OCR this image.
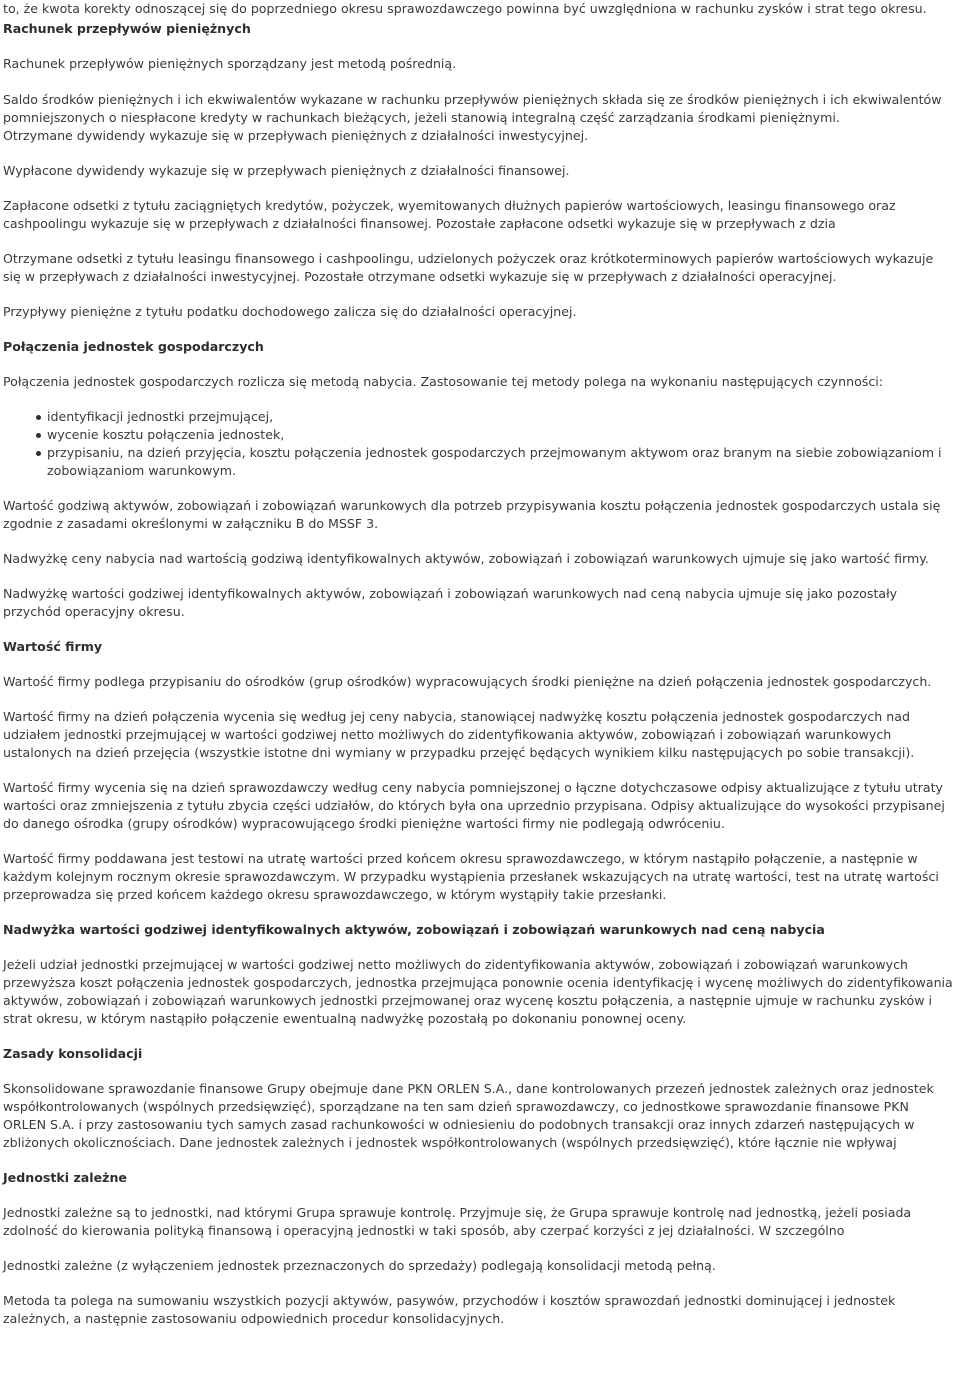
to, że kwota korekty odnoszącej się do poprzedniego okresu sprawozdawczego powinna być uwzględniona w rachunku zysków i strat tego okresu.

Rachunek przepływów pieniężnych

Rachunek przepływów pieniężnych sporządzany jest metodą pośrednią.

Saldo środków pieniężnych i ich ekwiwalentów wykazane w rachunku przepływów pieniężnych składa się ze środków pieniężnych i ich ekwiwalentów pomniejszonych o niespłacone kredyty w rachunkach bieżących, jeżeli stanowią integralną część zarządzania środkami pieniężnymi.

Otrzymane dywidendy wykazuje się w przepływach pieniężnych z działalności inwestycyjnej.

Wypłacone dywidendy wykazuje się w przepływach pieniężnych z działalności finansowej.

Zapłacone odsetki z tytułu zaciągniętych kredytów, pożyczek, wyemitowanych dłużnych papierów wartościowych, leasingu finansowego oraz cashpoolingu wykazuje się w przepływach z działalności finansowej. Pozostałe zapłacone odsetki wykazuje się w przepływach z dzia

Otrzymane odsetki z tytułu leasingu finansowego i cashpoolingu, udzielonych pożyczek oraz krótkoterminowych papierów wartościowych wykazuje się w przepływach z działalności inwestycyjnej. Pozostałe otrzymane odsetki wykazuje się w przepływach z działalności operacyjnej.

Przypływy pieniężne z tytułu podatku dochodowego zalicza się do działalności operacyjnej.

Połączenia jednostek gospodarczych

Połączenia jednostek gospodarczych rozlicza się metodą nabycia. Zastosowanie tej metody polega na wykonaniu następujących czynności:

identyfikacji jednostki przejmującej,
wycenie kosztu połączenia jednostek,
przypisaniu, na dzień przyjęcia, kosztu połączenia jednostek gospodarczych przejmowanym aktywom oraz branym na siebie zobowiązaniom i zobowiązaniom warunkowym.

Wartość godziwą aktywów, zobowiązań i zobowiązań warunkowych dla potrzeb przypisywania kosztu połączenia jednostek gospodarczych ustala się zgodnie z zasadami określonymi w załączniku B do MSSF 3.

Nadwyżkę ceny nabycia nad wartością godziwą identyfikowalnych aktywów, zobowiązań i zobowiązań warunkowych ujmuje się jako wartość firmy.

Nadwyżkę wartości godziwej identyfikowalnych aktywów, zobowiązań i zobowiązań warunkowych nad ceną nabycia ujmuje się jako pozostały przychód operacyjny okresu.

Wartość firmy

Wartość firmy podlega przypisaniu do ośrodków (grup ośrodków) wypracowujących środki pieniężne na dzień połączenia jednostek gospodarczych.

Wartość firmy na dzień połączenia wycenia się według jej ceny nabycia, stanowiącej nadwyżkę kosztu połączenia jednostek gospodarczych nad udziałem jednostki przejmującej w wartości godziwej netto możliwych do zidentyfikowania aktywów, zobowiązań i zobowiązań warunkowych ustalonych na dzień przejęcia (wszystkie istotne dni wymiany w przypadku przejęć będących wynikiem kilku następujących po sobie transakcji).

Wartość firmy wycenia się na dzień sprawozdawczy według ceny nabycia pomniejszonej o łączne dotychczasowe odpisy aktualizujące z tytułu utraty wartości oraz zmniejszenia z tytułu zbycia części udziałów, do których była ona uprzednio przypisana. Odpisy aktualizujące do wysokości przypisanej do danego ośrodka (grupy ośrodków) wypracowującego środki pieniężne wartości firmy nie podlegają odwróceniu.

Wartość firmy poddawana jest testowi na utratę wartości przed końcem okresu sprawozdawczego, w którym nastąpiło połączenie, a następnie w każdym kolejnym rocznym okresie sprawozdawczym. W przypadku wystąpienia przesłanek wskazujących na utratę wartości, test na utratę wartości przeprowadza się przed końcem każdego okresu sprawozdawczego, w którym wystąpiły takie przesłanki.

Nadwyżka wartości godziwej identyfikowalnych aktywów, zobowiązań i zobowiązań warunkowych nad ceną nabycia

Jeżeli udział jednostki przejmującej w wartości godziwej netto możliwych do zidentyfikowania aktywów, zobowiązań i zobowiązań warunkowych przewyższa koszt połączenia jednostek gospodarczych, jednostka przejmująca ponownie ocenia identyfikację i wycenę możliwych do zidentyfikowania aktywów, zobowiązań i zobowiązań warunkowych jednostki przejmowanej oraz wycenę kosztu połączenia, a następnie ujmuje w rachunku zysków i strat okresu, w którym nastąpiło połączenie ewentualną nadwyżkę pozostałą po dokonaniu ponownej oceny.

Zasady konsolidacji

Skonsolidowane sprawozdanie finansowe Grupy obejmuje dane PKN ORLEN S.A., dane kontrolowanych przezeń jednostek zależnych oraz jednostek współkontrolowanych (wspólnych przedsięwzięć), sporządzane na ten sam dzień sprawozdawczy, co jednostkowe sprawozdanie finansowe PKN ORLEN S.A. i przy zastosowaniu tych samych zasad rachunkowości w odniesieniu do podobnych transakcji oraz innych zdarzeń następujących w zbliżonych okolicznościach. Dane jednostek zależnych i jednostek współkontrolowanych (wspólnych przedsięwzięć), które łącznie nie wpływaj

Jednostki zależne

Jednostki zależne są to jednostki, nad którymi Grupa sprawuje kontrolę. Przyjmuje się, że Grupa sprawuje kontrolę nad jednostką, jeżeli posiada zdolność do kierowania polityką finansową i operacyjną jednostki w taki sposób, aby czerpać korzyści z jej działalności. W szczególno

Jednostki zależne (z wyłączeniem jednostek przeznaczonych do sprzedaży) podlegają konsolidacji metodą pełną.

Metoda ta polega na sumowaniu wszystkich pozycji aktywów, pasywów, przychodów i kosztów sprawozdań jednostki dominującej i jednostek zależnych, a następnie zastosowaniu odpowiednich procedur konsolidacyjnych.
